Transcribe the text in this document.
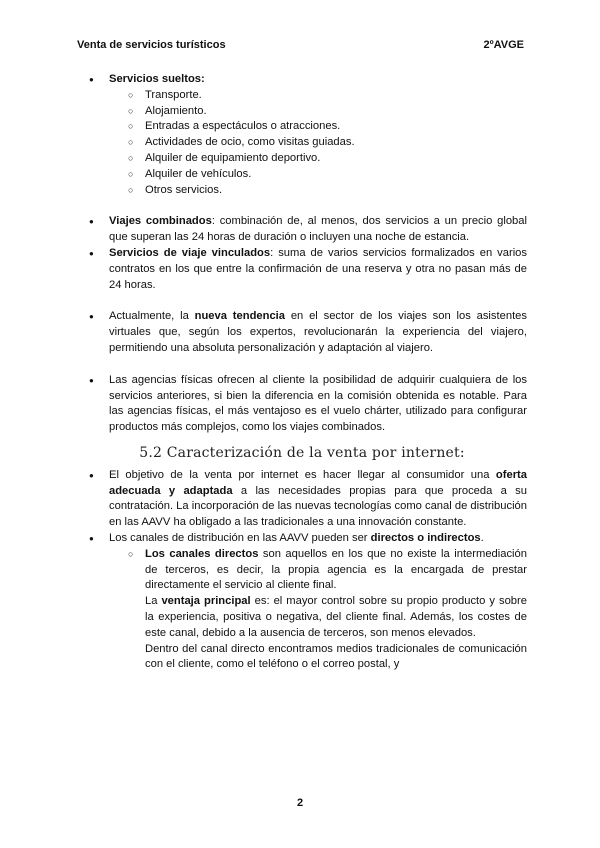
Venta de servicios turísticos	2ºAVGE
● Servicios sueltos:
○ Transporte.
○ Alojamiento.
○ Entradas a espectáculos o atracciones.
○ Actividades de ocio, como visitas guiadas.
○ Alquiler de equipamiento deportivo.
○ Alquiler de vehículos.
○ Otros servicios.
● Viajes combinados: combinación de, al menos, dos servicios a un precio global que superan las 24 horas de duración o incluyen una noche de estancia.
● Servicios de viaje vinculados: suma de varios servicios formalizados en varios contratos en los que entre la confirmación de una reserva y otra no pasan más de 24 horas.
● Actualmente, la nueva tendencia en el sector de los viajes son los asistentes virtuales que, según los expertos, revolucionarán la experiencia del viajero, permitiendo una absoluta personalización y adaptación al viajero.
● Las agencias físicas ofrecen al cliente la posibilidad de adquirir cualquiera de los servicios anteriores, si bien la diferencia en la comisión obtenida es notable. Para las agencias físicas, el más ventajoso es el vuelo chárter, utilizado para configurar productos más complejos, como los viajes combinados.
5.2 Caracterización de la venta por internet:
● El objetivo de la venta por internet es hacer llegar al consumidor una oferta adecuada y adaptada a las necesidades propias para que proceda a su contratación. La incorporación de las nuevas tecnologías como canal de distribución en las AAVV ha obligado a las tradicionales a una innovación constante.
● Los canales de distribución en las AAVV pueden ser directos o indirectos.
○ Los canales directos son aquellos en los que no existe la intermediación de terceros, es decir, la propia agencia es la encargada de prestar directamente el servicio al cliente final.
La ventaja principal es: el mayor control sobre su propio producto y sobre la experiencia, positiva o negativa, del cliente final. Además, los costes de este canal, debido a la ausencia de terceros, son menos elevados.
Dentro del canal directo encontramos medios tradicionales de comunicación con el cliente, como el teléfono o el correo postal, y
2
